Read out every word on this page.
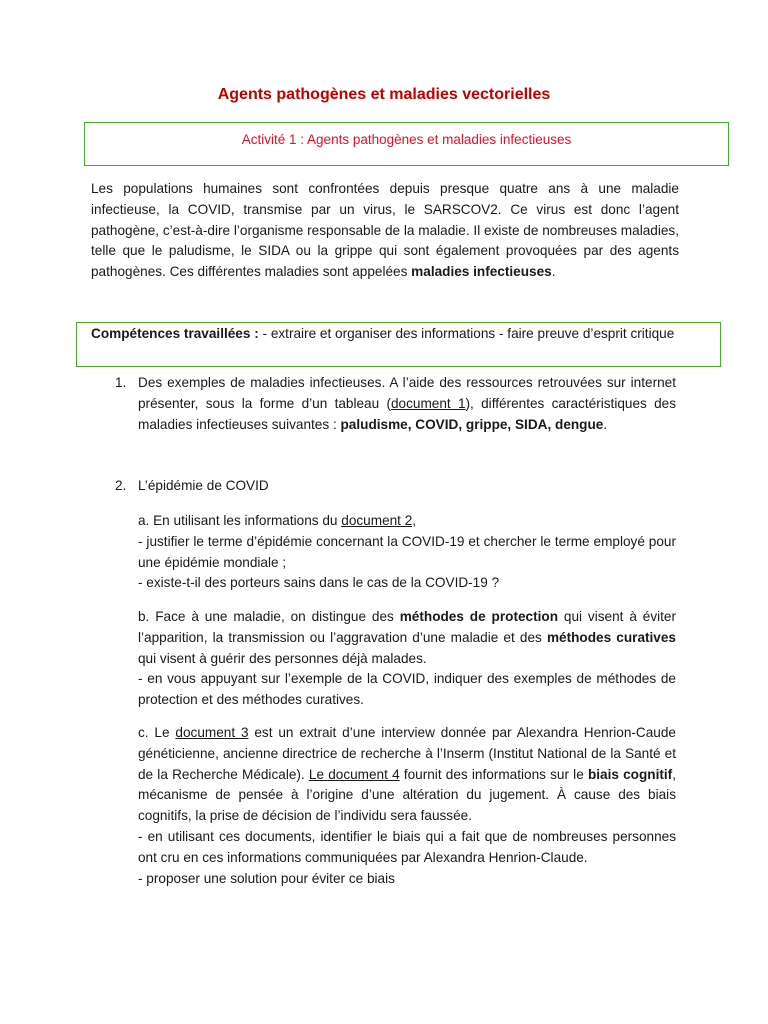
Agents pathogènes et maladies vectorielles
Activité 1 : Agents pathogènes et maladies infectieuses
Les populations humaines sont confrontées depuis presque quatre ans à une maladie infectieuse, la COVID, transmise par un virus, le SARSCOV2. Ce virus est donc l’agent pathogène, c’est-à-dire l’organisme responsable de la maladie. Il existe de nombreuses maladies, telle que le paludisme, le SIDA ou la grippe qui sont également provoquées par des agents pathogènes. Ces différentes maladies sont appelées maladies infectieuses.
Compétences travaillées : - extraire et organiser des informations - faire preuve d’esprit critique
1. Des exemples de maladies infectieuses. A l’aide des ressources retrouvées sur internet présenter, sous la forme d’un tableau (document 1), différentes caractéristiques des maladies infectieuses suivantes : paludisme, COVID, grippe, SIDA, dengue.
2. L’épidémie de COVID
a. En utilisant les informations du document 2,
- justifier le terme d’épidémie concernant la COVID-19 et chercher le terme employé pour une épidémie mondiale ;
- existe-t-il des porteurs sains dans le cas de la COVID-19 ?
b. Face à une maladie, on distingue des méthodes de protection qui visent à éviter l’apparition, la transmission ou l’aggravation d’une maladie et des méthodes curatives qui visent à guérir des personnes déjà malades.
- en vous appuyant sur l’exemple de la COVID, indiquer des exemples de méthodes de protection et des méthodes curatives.
c. Le document 3 est un extrait d’une interview donnée par Alexandra Henrion-Caude généticienne, ancienne directrice de recherche à l’Inserm (Institut National de la Santé et de la Recherche Médicale). Le document 4 fournit des informations sur le biais cognitif, mécanisme de pensée à l’origine d’une altération du jugement. À cause des biais cognitifs, la prise de décision de l’individu sera faussée.
- en utilisant ces documents, identifier le biais qui a fait que de nombreuses personnes ont cru en ces informations communiquées par Alexandra Henrion-Claude.
- proposer une solution pour éviter ce biais
